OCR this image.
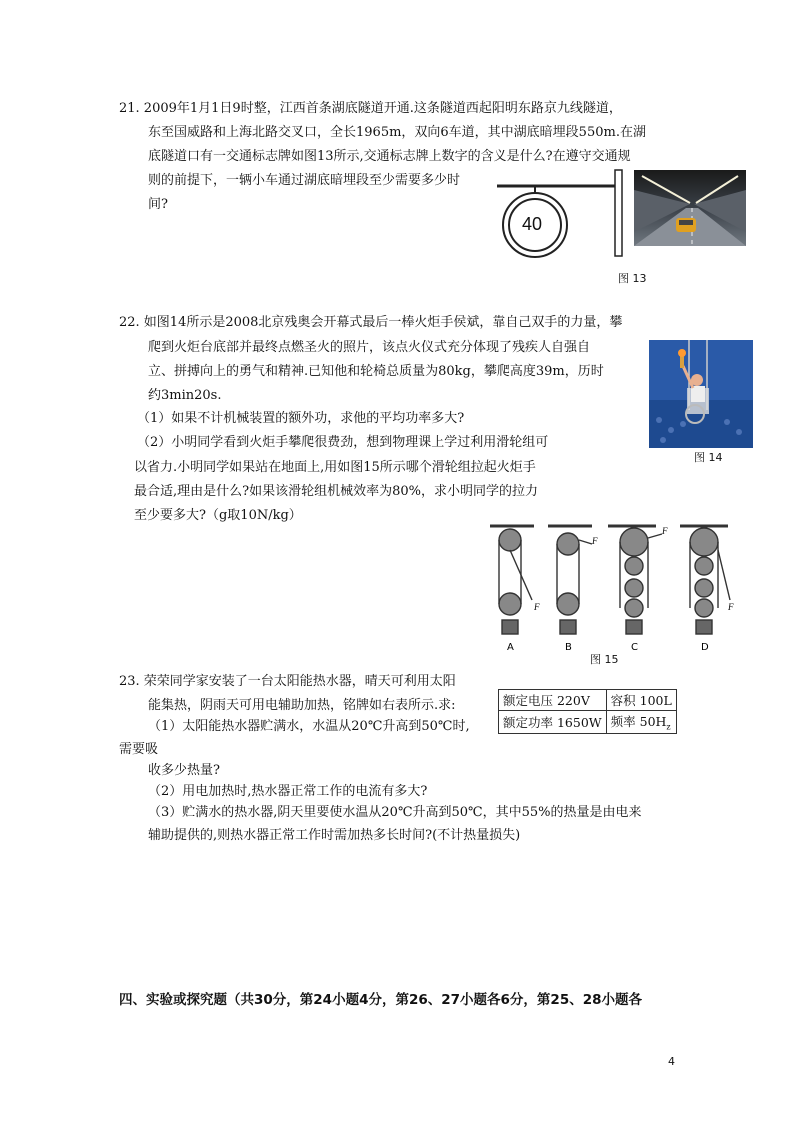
21. 2009年1月1日9时整，江西首条湖底隧道开通.这条隧道西起阳明东路京九线隧道，
东至国威路和上海北路交叉口，全长1965m，双向6车道，其中湖底暗埋段550m.在湖
底隧道口有一交通标志牌如图13所示,交通标志牌上数字的含义是什么?在遵守交通规
则的前提下，一辆小车通过湖底暗埋段至少需要多少时
间?
40
图 13
22. 如图14所示是2008北京残奥会开幕式最后一棒火炬手侯斌，靠自己双手的力量，攀
爬到火炬台底部并最终点燃圣火的照片，该点火仪式充分体现了残疾人自强自
立、拼搏向上的勇气和精神.已知他和轮椅总质量为80kg，攀爬高度39m，历时
约3min20s.
（1）如果不计机械装置的额外功，求他的平均功率多大?
（2）小明同学看到火炬手攀爬很费劲，想到物理课上学过利用滑轮组可
以省力.小明同学如果站在地面上,用如图15所示哪个滑轮组拉起火炬手
最合适,理由是什么?如果该滑轮组机械效率为80%，求小明同学的拉力
至少要多大?（g取10N/kg）
图 14
F
F
F
F
A	B	C	D
图 15
23. 荣荣同学家安装了一台太阳能热水器，晴天可利用太阳
能集热，阴雨天可用电辅助加热，铭牌如右表所示.求:
（1）太阳能热水器贮满水，水温从20℃升高到50℃时,
需要吸
收多少热量?
（2）用电加热时,热水器正常工作的电流有多大?
（3）贮满水的热水器,阴天里要使水温从20℃升高到50℃，其中55%的热量是由电来
辅助提供的,则热水器正常工作时需加热多长时间?(不计热量损失)
额定电压 220V	容积 100L
额定功率 1650W	频率 $50H_z$
四、实验或探究题（共30分，第24小题4分，第26、27小题各6分，第25、28小题各
4
